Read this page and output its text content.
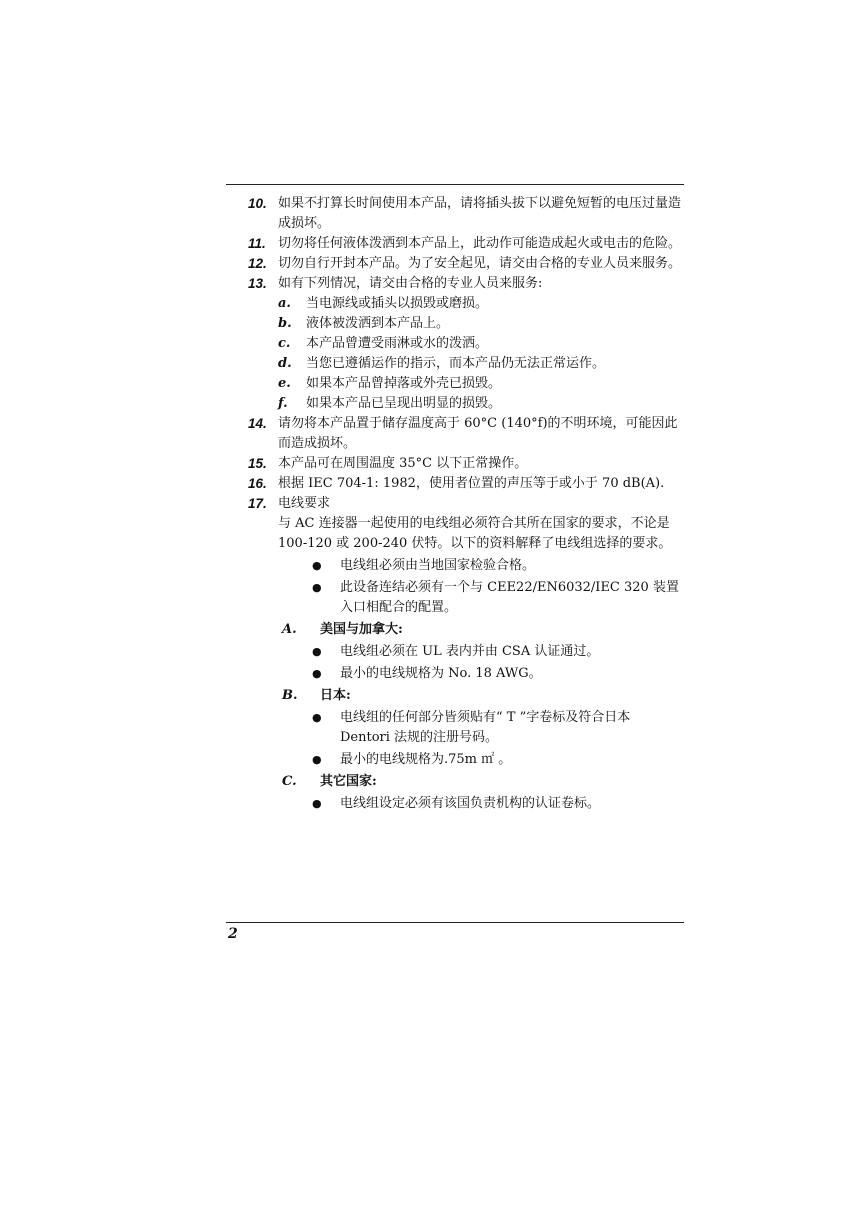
10. 如果不打算长时间使用本产品，请将插头拔下以避免短暂的电压过量造成损坏。
11. 切勿将任何液体泼洒到本产品上，此动作可能造成起火或电击的危险。
12. 切勿自行开封本产品。为了安全起见，请交由合格的专业人员来服务。
13. 如有下列情况，请交由合格的专业人员来服务:
a. 当电源线或插头以损毁或磨损。
b. 液体被泼洒到本产品上。
c. 本产品曾遭受雨淋或水的泼洒。
d. 当您已遵循运作的指示，而本产品仍无法正常运作。
e. 如果本产品曾掉落或外壳已损毁。
f. 如果本产品已呈现出明显的损毁。
14. 请勿将本产品置于储存温度高于 60°C (140°f)的不明环境，可能因此而造成损坏。
15. 本产品可在周围温度 35°C 以下正常操作。
16. 根据 IEC 704-1: 1982，使用者位置的声压等于或小于 70 dB(A).
17. 电线要求
与 AC 连接器一起使用的电线组必须符合其所在国家的要求，不论是 100-120 或 200-240 伏特。以下的资料解释了电线组选择的要求。
● 电线组必须由当地国家检验合格。
● 此设备连结必须有一个与 CEE22/EN6032/IEC 320 装置入口相配合的配置。
A. 美国与加拿大:
● 电线组必须在 UL 表内并由 CSA 认证通过。
● 最小的电线规格为 No. 18 AWG。
B. 日本:
● 电线组的任何部分皆须贴有“ T ”字卷标及符合日本 Dentori 法规的注册号码。
● 最小的电线规格为.75m ㎡ 。
C. 其它国家:
● 电线组设定必须有该国负责机构的认证卷标。
2
